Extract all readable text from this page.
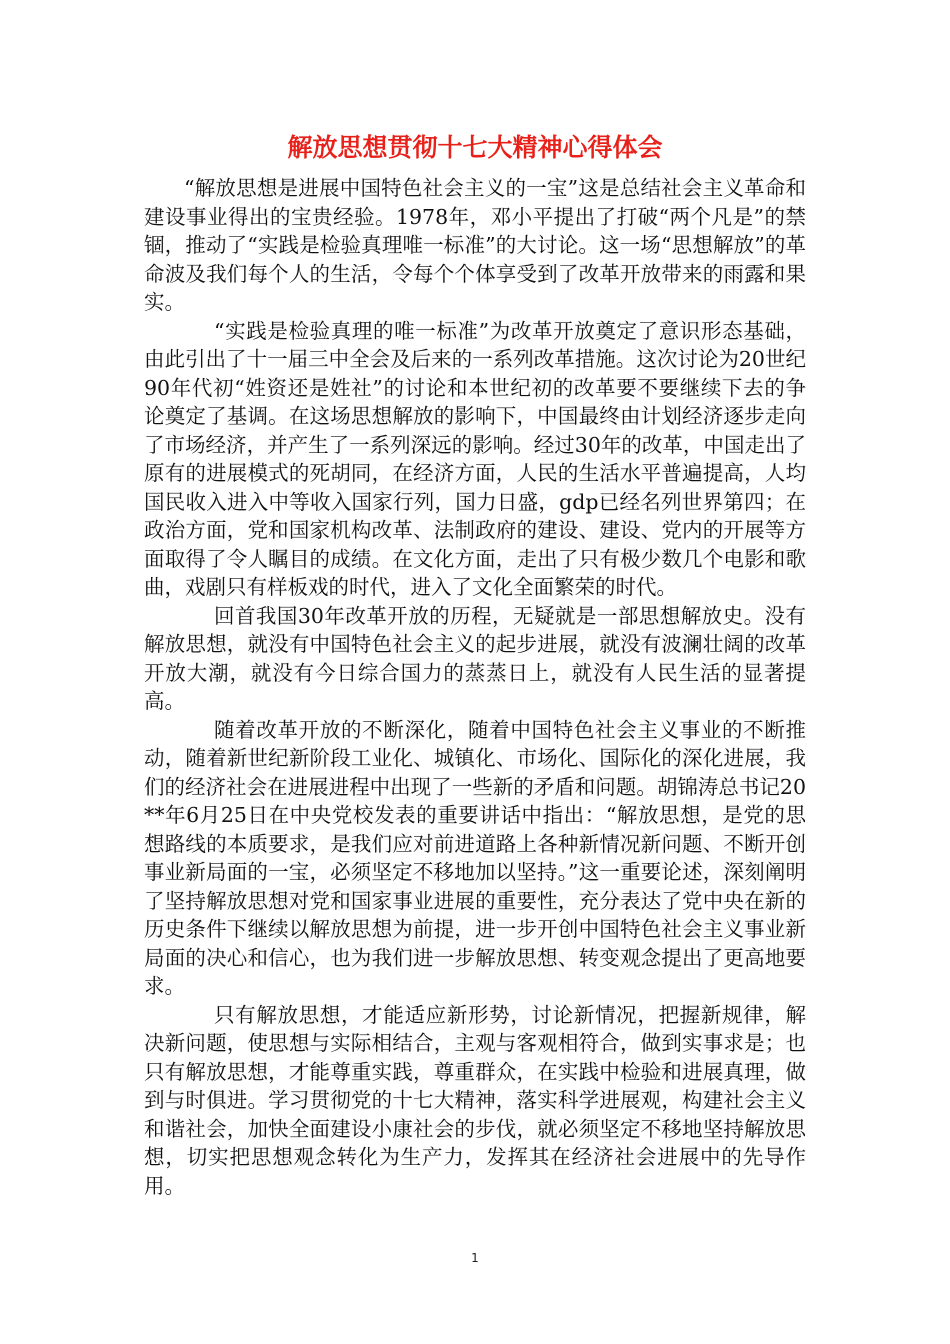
解放思想贯彻十七大精神心得体会

“解放思想是进展中国特色社会主义的一宝”这是总结社会主义革命和建设事业得出的宝贵经验。1978年，邓小平提出了打破“两个凡是”的禁锢，推动了“实践是检验真理唯一标准”的大讨论。这一场“思想解放”的革命波及我们每个人的生活，令每个个体享受到了改革开放带来的雨露和果实。

“实践是检验真理的唯一标准”为改革开放奠定了意识形态基础，由此引出了十一届三中全会及后来的一系列改革措施。这次讨论为20世纪90年代初“姓资还是姓社”的讨论和本世纪初的改革要不要继续下去的争论奠定了基调。在这场思想解放的影响下，中国最终由计划经济逐步走向了市场经济，并产生了一系列深远的影响。经过30年的改革，中国走出了原有的进展模式的死胡同，在经济方面，人民的生活水平普遍提高，人均国民收入进入中等收入国家行列，国力日盛，gdp已经名列世界第四；在政治方面，党和国家机构改革、法制政府的建设、建设、党内的开展等方面取得了令人瞩目的成绩。在文化方面，走出了只有极少数几个电影和歌曲，戏剧只有样板戏的时代，进入了文化全面繁荣的时代。

回首我国30年改革开放的历程，无疑就是一部思想解放史。没有解放思想，就没有中国特色社会主义的起步进展，就没有波澜壮阔的改革开放大潮，就没有今日综合国力的蒸蒸日上，就没有人民生活的显著提高。

随着改革开放的不断深化，随着中国特色社会主义事业的不断推动，随着新世纪新阶段工业化、城镇化、市场化、国际化的深化进展，我们的经济社会在进展进程中出现了一些新的矛盾和问题。胡锦涛总书记20**年6月25日在中央党校发表的重要讲话中指出：“解放思想，是党的思想路线的本质要求，是我们应对前进道路上各种新情况新问题、不断开创事业新局面的一宝，必须坚定不移地加以坚持。”这一重要论述，深刻阐明了坚持解放思想对党和国家事业进展的重要性，充分表达了党中央在新的历史条件下继续以解放思想为前提，进一步开创中国特色社会主义事业新局面的决心和信心，也为我们进一步解放思想、转变观念提出了更高地要求。

只有解放思想，才能适应新形势，讨论新情况，把握新规律，解决新问题，使思想与实际相结合，主观与客观相符合，做到实事求是；也只有解放思想，才能尊重实践，尊重群众，在实践中检验和进展真理，做到与时俱进。学习贯彻党的十七大精神，落实科学进展观，构建社会主义和谐社会，加快全面建设小康社会的步伐，就必须坚定不移地坚持解放思想，切实把思想观念转化为生产力，发挥其在经济社会进展中的先导作用。

1
